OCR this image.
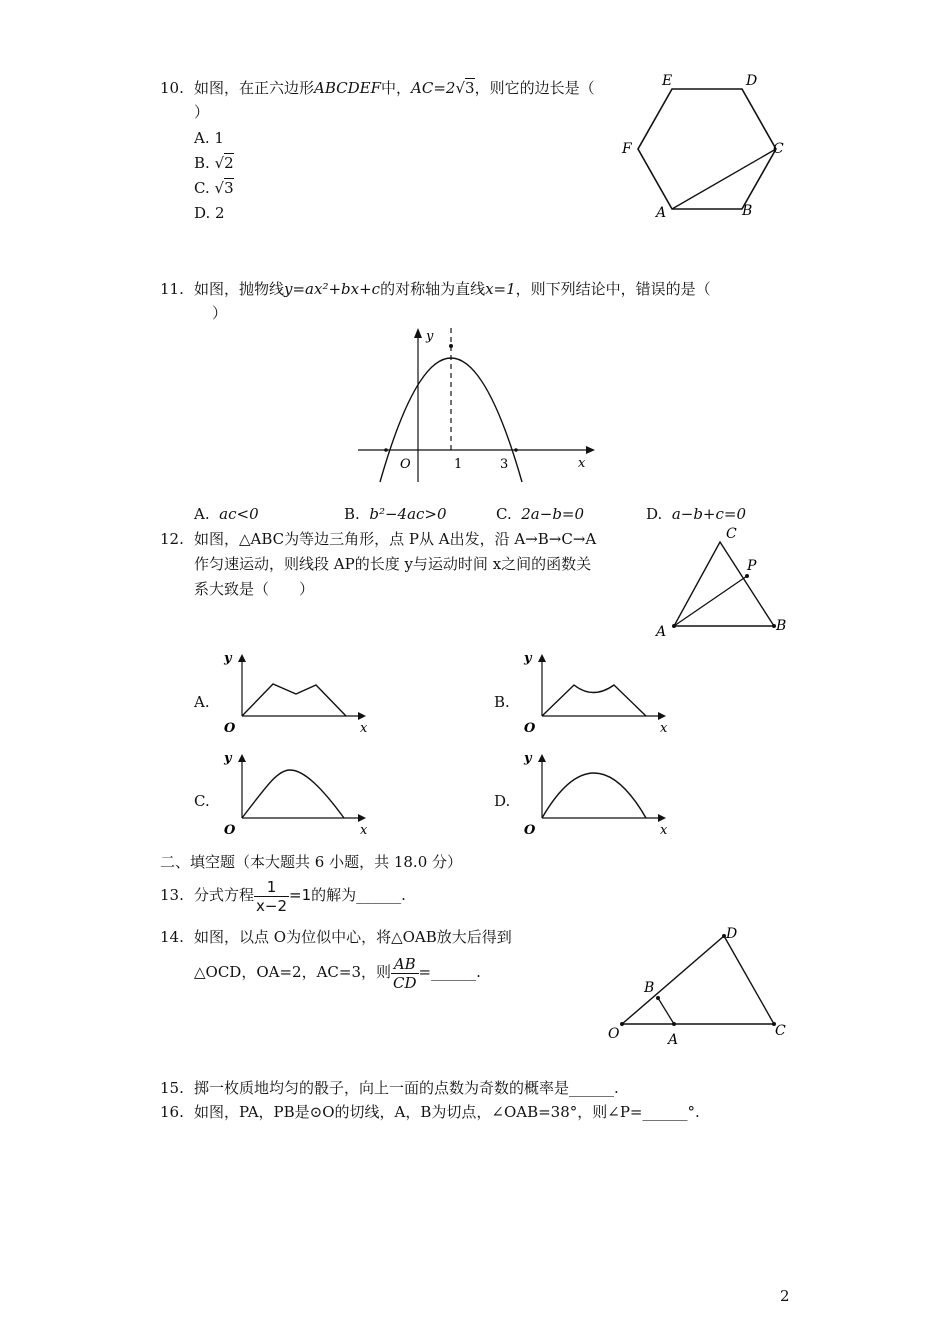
10. 如图，在正六边形ABCDEF中，AC=2√3，则它的边长是（
）
A. 1
B. √2
C. √3
D. 2
E	D
F	C
A	B
11. 如图，抛物线y=ax²+bx+c的对称轴为直线x=1，则下列结论中，错误的是（
）
y
x
O	1	3
A. ac<0	B. b²−4ac>0	C. 2a−b=0	D. a−b+c=0
12. 如图，△ABC为等边三角形，点 P从 A出发，沿 A→B→C→A
作匀速运动，则线段 AP的长度 y与运动时间 x之间的函数关
系大致是（　　）
C
P
A	B
A.
y
O	x
B.
y
O	x
C.
y
O	x
D.
y
O	x
二、填空题（本大题共 6 小题，共 18.0 分）
13. 分式方程 $\frac{1}{x-2} =1$的解为______.
14. 如图，以点 O为位似中心，将△OAB放大后得到
△OCD，OA=2，AC=3，则 $\frac{AB}{CD}$ =______.
D
B
O	A
C
15. 掷一枚质地均匀的骰子，向上一面的点数为奇数的概率是______.
16. 如图，PA，PB是⊙O的切线，A，B为切点，∠OAB=38°，则∠P=______°.
2
